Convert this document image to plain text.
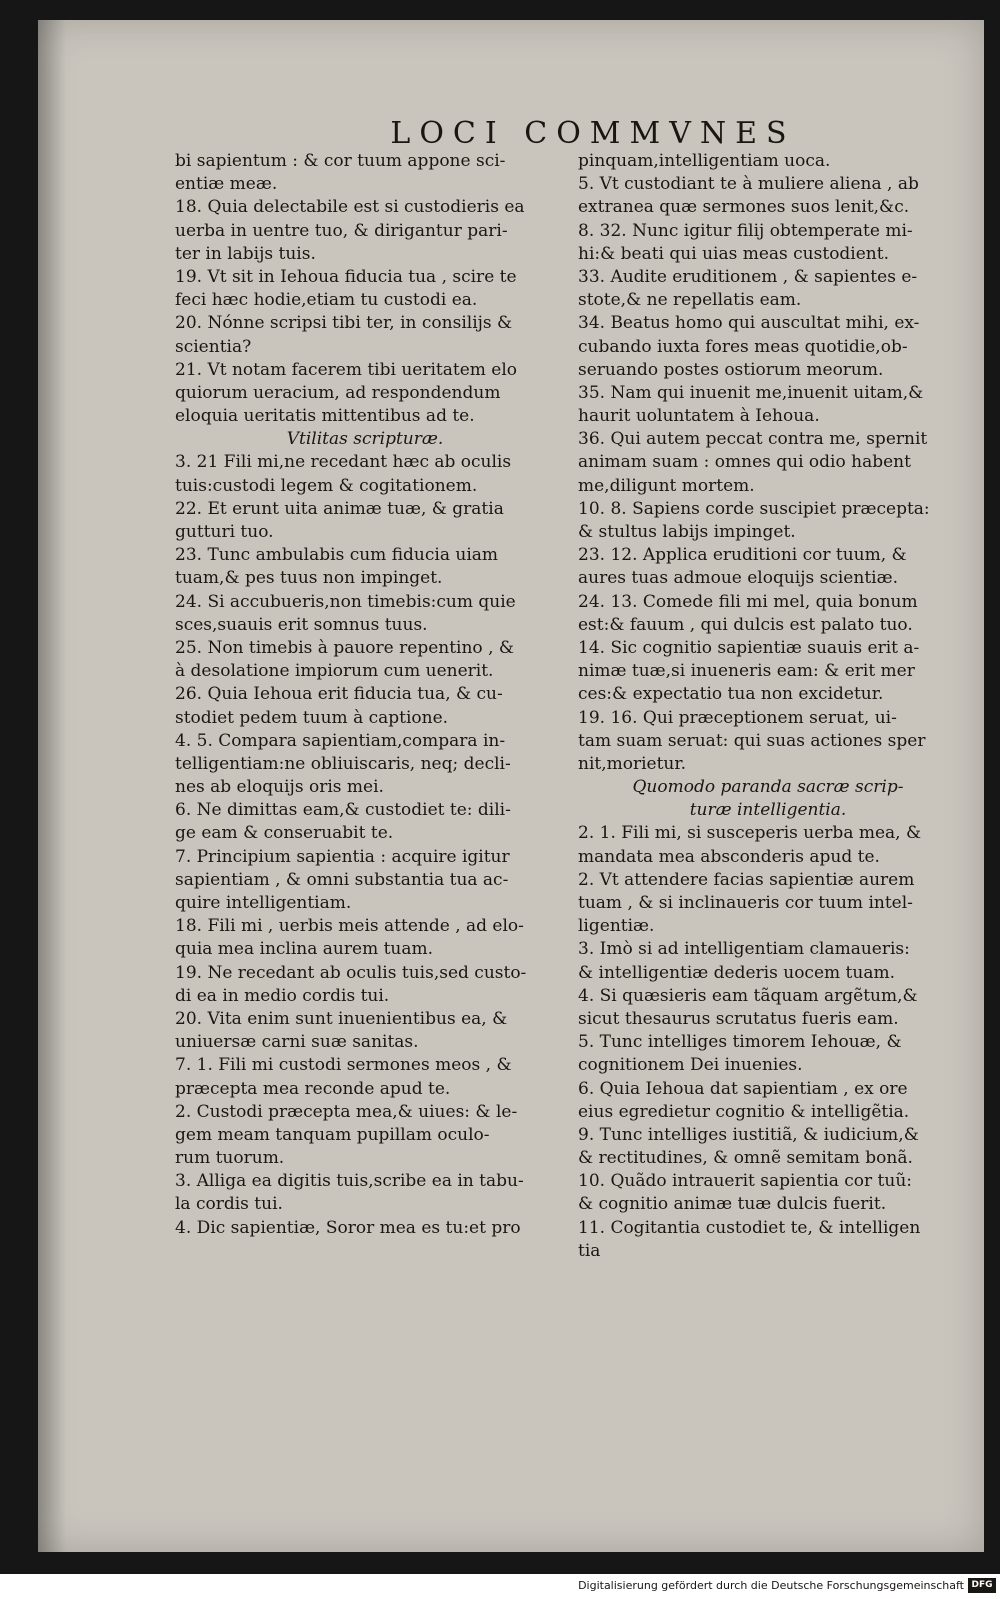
LOCI COMMVNES
bi sapientum : & cor tuum appone sci-
entiæ meæ.
18. Quia delectabile est si custodieris ea
uerba in uentre tuo, & dirigantur pari-
ter in labijs tuis.
19. Vt sit in Iehoua fiducia tua , scire te
feci hæc hodie,etiam tu custodi ea.
20. Nónne scripsi tibi ter, in consilijs &
scientia?
21. Vt notam facerem tibi ueritatem elo
quiorum ueracium, ad respondendum
eloquia ueritatis mittentibus ad te.
Vtilitas scripturæ.
3. 21 Fili mi,ne recedant hæc ab oculis
tuis:custodi legem & cogitationem.
22. Et erunt uita animæ tuæ, & gratia
gutturi tuo.
23. Tunc ambulabis cum fiducia uiam
tuam,& pes tuus non impinget.
24. Si accubueris,non timebis:cum quie
sces,suauis erit somnus tuus.
25. Non timebis à pauore repentino , &
à desolatione impiorum cum uenerit.
26. Quia Iehoua erit fiducia tua, & cu-
stodiet pedem tuum à captione.
4. 5. Compara sapientiam,compara in-
telligentiam:ne obliuiscaris, neq; decli-
nes ab eloquijs oris mei.
6. Ne dimittas eam,& custodiet te: dili-
ge eam & conseruabit te.
7. Principium sapientia : acquire igitur
sapientiam , & omni substantia tua ac-
quire intelligentiam.
18. Fili mi , uerbis meis attende , ad elo-
quia mea inclina aurem tuam.
19. Ne recedant ab oculis tuis,sed custo-
di ea in medio cordis tui.
20. Vita enim sunt inuenientibus ea, &
uniuersæ carni suæ sanitas.
7. 1. Fili mi custodi sermones meos , &
præcepta mea reconde apud te.
2. Custodi præcepta mea,& uiues: & le-
gem meam tanquam pupillam oculo-
rum tuorum.
3. Alliga ea digitis tuis,scribe ea in tabu-
la cordis tui.
4. Dic sapientiæ, Soror mea es tu:et pro
pinquam,intelligentiam uoca.
5. Vt custodiant te à muliere aliena , ab
extranea quæ sermones suos lenit,&c.
8. 32. Nunc igitur filij obtemperate mi-
hi:& beati qui uias meas custodient.
33. Audite eruditionem , & sapientes e-
stote,& ne repellatis eam.
34. Beatus homo qui auscultat mihi, ex-
cubando iuxta fores meas quotidie,ob-
seruando postes ostiorum meorum.
35. Nam qui inuenit me,inuenit uitam,&
haurit uoluntatem à Iehoua.
36. Qui autem peccat contra me, spernit
animam suam : omnes qui odio habent
me,diligunt mortem.
10. 8. Sapiens corde suscipiet præcepta:
& stultus labijs impinget.
23. 12. Applica eruditioni cor tuum, &
aures tuas admoue eloquijs scientiæ.
24. 13. Comede fili mi mel, quia bonum
est:& fauum , qui dulcis est palato tuo.
14. Sic cognitio sapientiæ suauis erit a-
nimæ tuæ,si inueneris eam: & erit mer
ces:& expectatio tua non excidetur.
19. 16. Qui præceptionem seruat, ui-
tam suam seruat: qui suas actiones sper
nit,morietur.
Quomodo paranda sacræ scrip-
turæ intelligentia.
2. 1. Fili mi, si susceperis uerba mea, &
mandata mea absconderis apud te.
2. Vt attendere facias sapientiæ aurem
tuam , & si inclinaueris cor tuum intel-
ligentiæ.
3. Imò si ad intelligentiam clamaueris:
& intelligentiæ dederis uocem tuam.
4. Si quæsieris eam tãquam argẽtum,&
sicut thesaurus scrutatus fueris eam.
5. Tunc intelliges timorem Iehouæ, &
cognitionem Dei inuenies.
6. Quia Iehoua dat sapientiam , ex ore
eius egredietur cognitio & intelligẽtia.
9. Tunc intelliges iustitiã, & iudicium,&
& rectitudines, & omnẽ semitam bonã.
10. Quãdo intrauerit sapientia cor tuũ:
& cognitio animæ tuæ dulcis fuerit.
11. Cogitantia custodiet te, & intelligen
tia
Digitalisierung gefördert durch die Deutsche Forschungsgemeinschaft DFG
